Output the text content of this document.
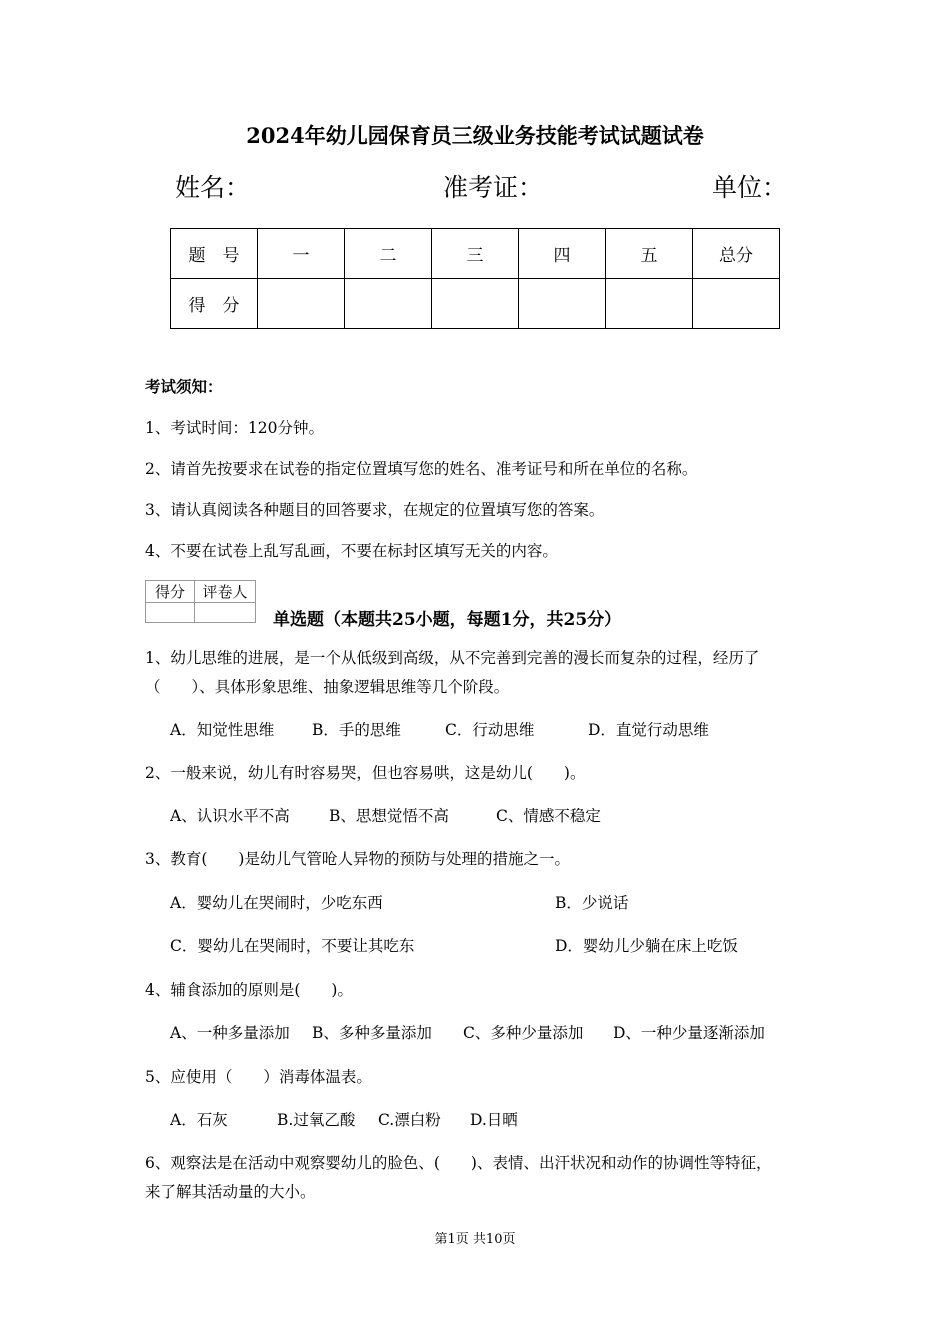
2024年幼儿园保育员三级业务技能考试试题试卷
姓名：	准考证：	单位：
题　号	一	二	三	四	五	总分
得　分						
考试须知：
1、考试时间：120分钟。
2、请首先按要求在试卷的指定位置填写您的姓名、准考证号和所在单位的名称。
3、请认真阅读各种题目的回答要求，在规定的位置填写您的答案。
4、不要在试卷上乱写乱画，不要在标封区填写无关的内容。
得分	评卷人

单选题（本题共25小题，每题1分，共25分）
1、幼儿思维的进展，是一个从低级到高级，从不完善到完善的漫长而复杂的过程，经历了
（　　）、具体形象思维、抽象逻辑思维等几个阶段。
A．知觉性思维 B．手的思维	C．行动思维	D．直觉行动思维
2、一般来说，幼儿有时容易哭，但也容易哄，这是幼儿(　　)。
A、认识水平不高	B、思想觉悟不高	C、情感不稳定
3、教育(　　)是幼儿气管呛人异物的预防与处理的措施之一。
A．婴幼儿在哭闹时，少吃东西	B．少说话
C．婴幼儿在哭闹时，不要让其吃东	D．婴幼儿少躺在床上吃饭
4、辅食添加的原则是(　　)。
A、一种多量添加 B、多种多量添加 C、多种少量添加 D、一种少量逐渐添加
5、应使用（　　）消毒体温表。
A．石灰	B.过氧乙酸 C.漂白粉 D.日晒
6、观察法是在活动中观察婴幼儿的脸色、(　　)、表情、出汗状况和动作的协调性等特征，
来了解其活动量的大小。
第1页 共10页
